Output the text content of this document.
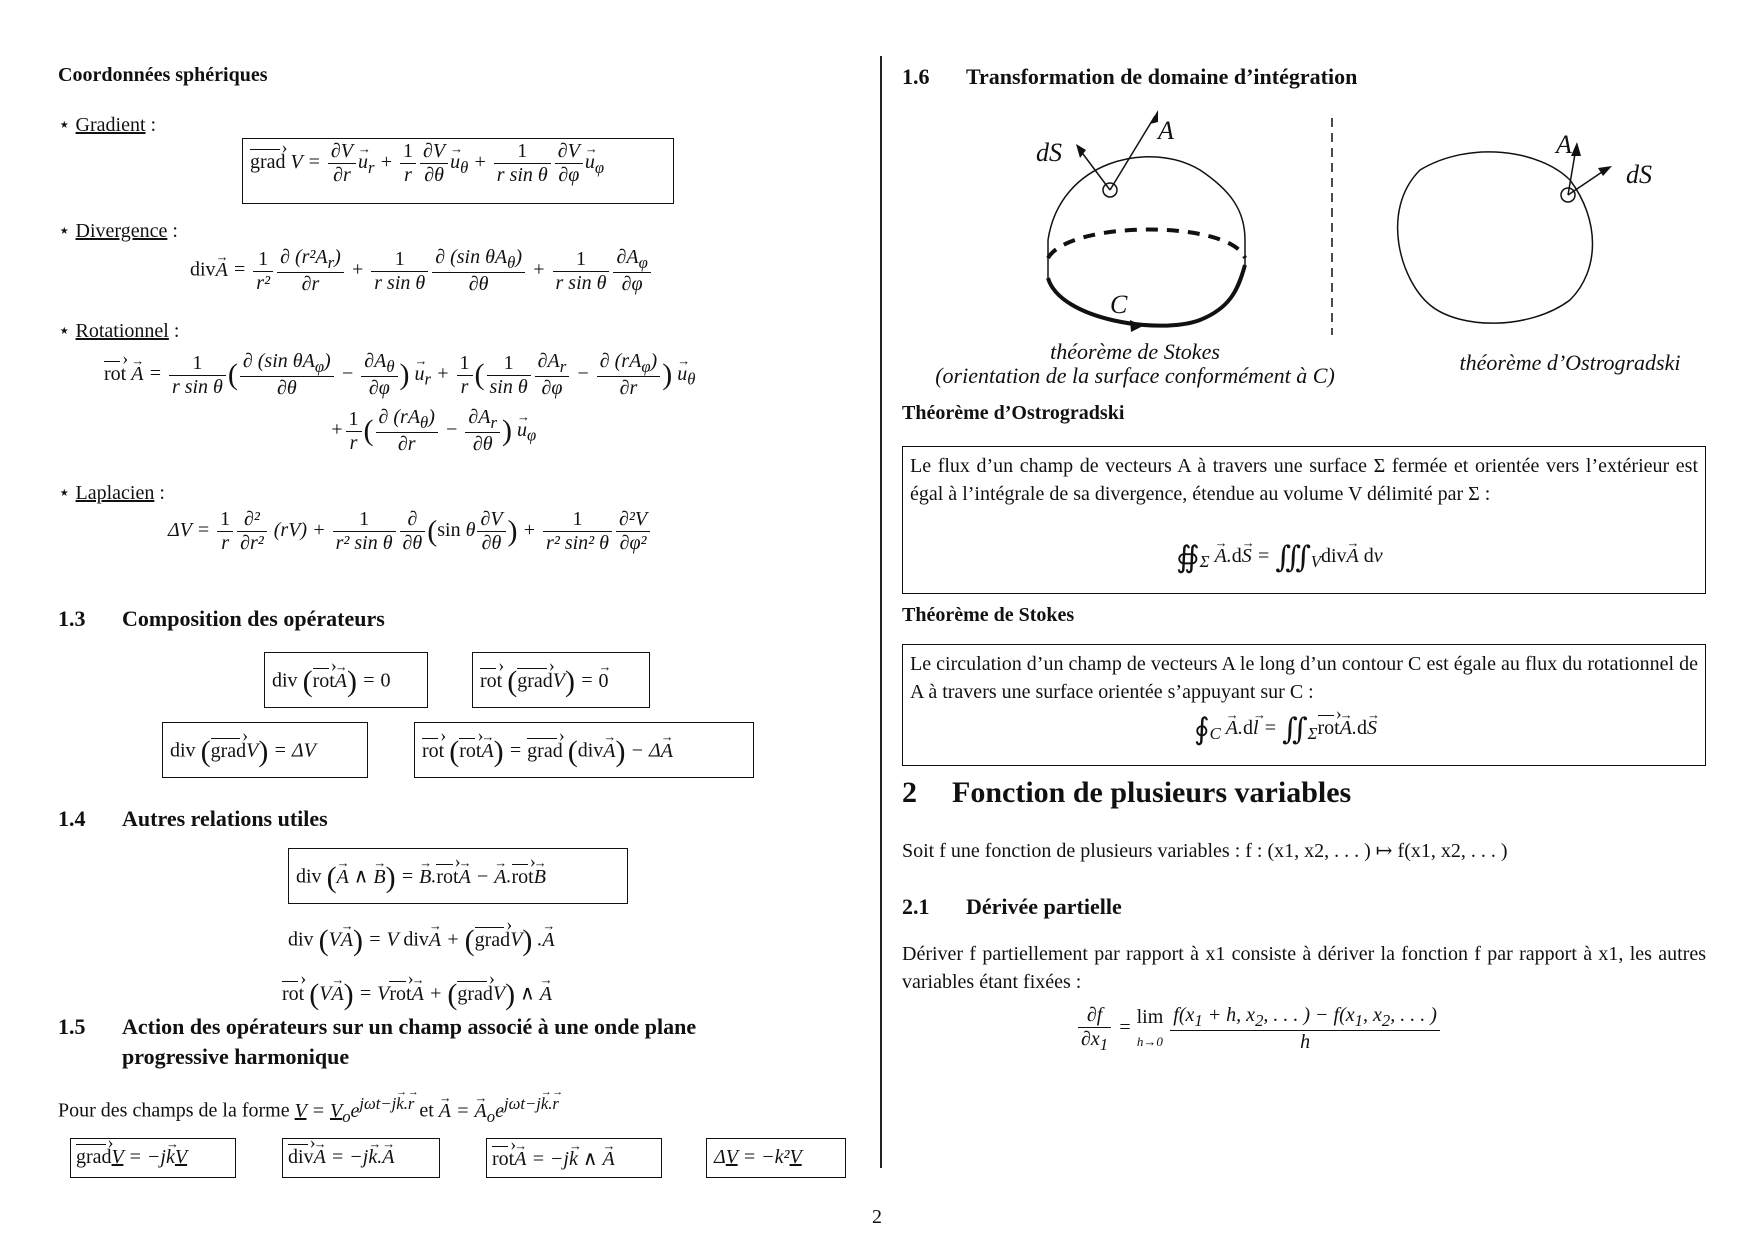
Coordonnées sphériques
⋆ Gradient :
grad › $V = \frac{\partial V}{\partial r}$
→ $u_r + \frac{1}{r} \frac{\partial V}{\partial\theta}$
→ $u_\theta + \frac{1}{\text{r sin θ}} \frac{\partial V}{\partial\varphi}$
→ $u_\varphi$
⋆ Divergence :
$div\to A = \frac{1}{\text{r²}} \frac{\partial (r^2A_r)}{\partial r} + \frac{1}{\text{r sin θ}} \frac{\partial (\sin \theta A_\theta)}{\partial\theta} + \frac{1}{\text{r sin θ}} \frac{\partial A_\varphi}{\partial\varphi}$
⋆ Rotationnel :
rot › → $A = \frac{1}{\text{r sin θ}}$ ( $\frac{\partial (\sin \theta A_\varphi)}{\partial\theta} - \frac{\partial A_\theta}{\partial\varphi}$ ) → $u_r + \frac{1}{r}$ ( $\frac{1}{\text{sin θ}} \frac{\partial A_r}{\partial\varphi} - \frac{\partial (rA_\varphi)}{\partial r}$ ) → $u_\theta$
+ $\frac{1}{r}$ ( $\frac{\partial (rA_\theta)}{\partial r} - \frac{\partial A_r}{\partial\theta}$ ) → $u_\varphi$
⋆ Laplacien :
$\Delta V = \frac{1}{r} \frac{\text{∂²}}{\text{∂r²}} (rV) + \frac{1}{\text{r² sin θ}} \frac{\partial}{\partial\theta} (\sin$ θ $\frac{\partial V}{\partial\theta}$ ) + $\frac{1}{\text{r² sin² θ}} \frac{\text{∂²V}}{\text{∂φ²}}$
1.3 Composition des opérateurs
div (rot ›→ A) = 0	rot › (grad ›V) = → 0
div (grad ›V) = ΔV	rot › (rot ›→ A) = grad › (div→ A) − Δ→ A
1.4 Autres relations utiles
div (→ A ∧ → B) = → B.rot ›→ A − → A.rot ›→ B
div (V→ A) = V div→ A + (grad ›V) .→ A
rot › (V→ A) = Vrot ›→ A + (grad ›V) ∧ → A
1.5 Action des opérateurs sur un champ associé à une onde plane
progressive harmonique
Pour des champs de la forme $V = V_oe^{j\omega t-j\to k.\to r}$ et → A = → $A_oe^{j\omega t-j\to k.\to r}$
grad ›V = −j→ kV	div ›→ A = −j→ k.→ A	rot ›→ A = −j→ k ∧ → A	ΔV = −k²V
1.6 Transformation de domaine d’intégration
dS
A
C
A
dS
théorème de Stokes
(orientation de la surface conformément à C)
théorème d’Ostrogradski
Théorème d’Ostrogradski
Le flux d’un champ de vecteurs A à travers une surface Σ fermée et orientée vers l’extérieur est égal à l’intégrale de sa divergence, étendue au volume V délimité par Σ :
$∯_\Sigma \to A.d\to S$ = $∭_Vdiv\to A$ dv
Théorème de Stokes
Le circulation d’un champ de vecteurs A le long d’un contour C est égale au flux du rotationnel de A à travers une surface orientée s’appuyant sur C :
$∮_C \to A.d\to l$ = $∬_\Sigma rot$ ›→ A.d→ S
2 Fonction de plusieurs variables
Soit f une fonction de plusieurs variables : f : (x1, x2, . . . ) ↦ f(x1, x2, . . . )
2.1 Dérivée partielle
Dériver f partiellement par rapport à x1 consiste à dériver la fonction f par rapport à x1, les autres variables étant fixées :
$\frac{\partial f}{\partial x_1} = \lim$
$h\to 0 \frac{f(x_1 + h, x_2, . . . ) - f(x_1, x_2, . . . )}{h}$
2
